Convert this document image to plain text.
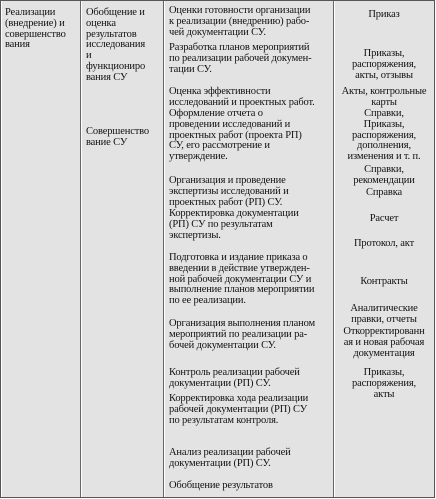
Реализации
(внедрение) и
совершенство
вания

Обобщение и
оценка
результатов
исследования
и
функциониро
вания СУ

Совершенство
вание СУ

Оценки готовности организации
к реализации (внедрению) рабо-
чей документации СУ.

Разработка планов мероприятий
по реализации рабочей докумен-
тации СУ.

Оценка эффективности
исследований и проектных работ.

Оформление отчета о
проведении исследований и
проектных работ (проекта РП)
СУ, его рассмотрение и
утверждение.

Организация и проведение
экспертизы исследований и
проектных работ (РП) СУ.

Корректировка документации
(РП) СУ по результатам
экспертизы.

Подготовка и издание приказа о
введении в действие утвержден-
ной рабочей документации СУ и
выполнение планов мероприятии
по ее реализации.

Организация выполнения планом
мероприятий по реализации ра-
бочей документации СУ.

Контроль реализации рабочей
документации (РП) СУ.

Корректировка хода реализации
рабочей документации (РП) СУ
по результатам контроля.

Анализ реализации рабочей
документации (РП) СУ.

Обобщение результатов

Приказ

Приказы,
распоряжения,
акты, отзывы

Акты, контрольные
карты

Справки,
Приказы,
распоряжения,
дополнения,
изменения и т. п.

Справки,
рекомендации

Справка

Расчет

Протокол, акт

Контракты

Аналитические
правки, отчеты

Откорректированн
ая и новая рабочая
документация

Приказы,
распоряжения,
акты
